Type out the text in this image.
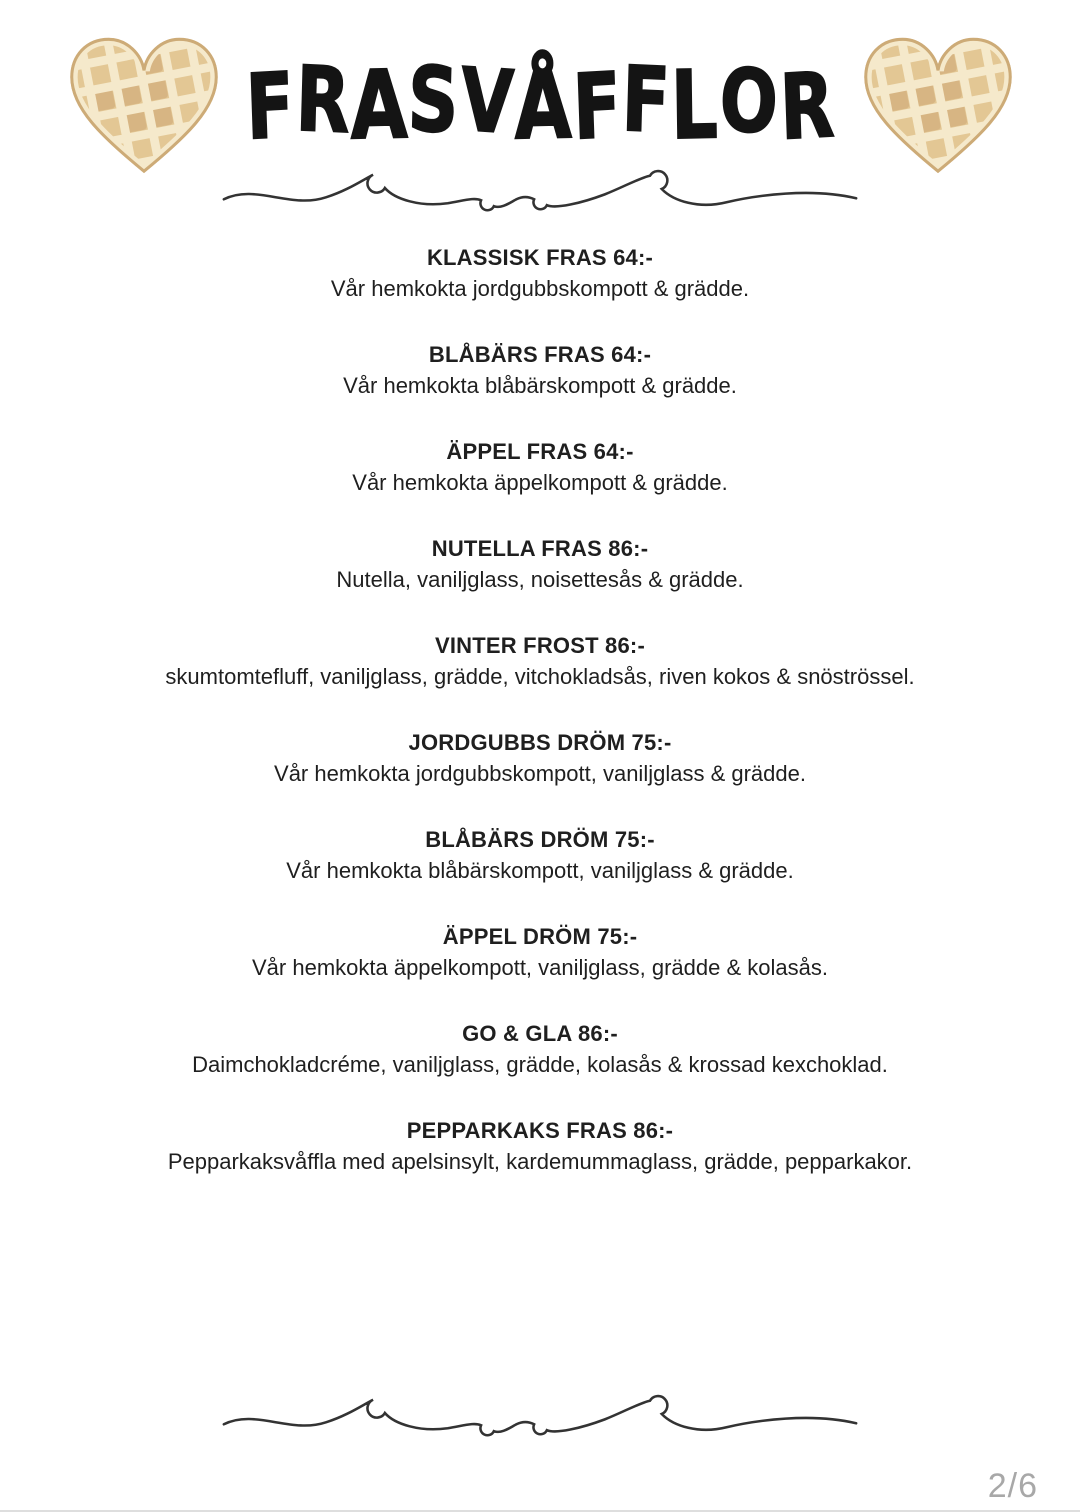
FRASVÅFFLOR
KLASSISK FRAS 64:-
Vår hemkokta jordgubbskompott & grädde.
BLÅBÄRS FRAS 64:-
Vår hemkokta blåbärskompott & grädde.
ÄPPEL FRAS 64:-
Vår hemkokta äppelkompott & grädde.
NUTELLA FRAS 86:-
Nutella, vaniljglass, noisettesås & grädde.
VINTER FROST 86:-
skumtomtefluff, vaniljglass, grädde, vitchokladsås, riven kokos & snöströssel.
JORDGUBBS DRÖM 75:-
Vår hemkokta jordgubbskompott, vaniljglass & grädde.
BLÅBÄRS DRÖM 75:-
Vår hemkokta blåbärskompott, vaniljglass & grädde.
ÄPPEL DRÖM 75:-
Vår hemkokta äppelkompott, vaniljglass, grädde & kolasås.
GO & GLA 86:-
Daimchokladcréme, vaniljglass, grädde, kolasås & krossad kexchoklad.
PEPPARKAKS FRAS 86:-
Pepparkaksvåffla med apelsinsylt, kardemummaglass, grädde, pepparkakor.
2/6
